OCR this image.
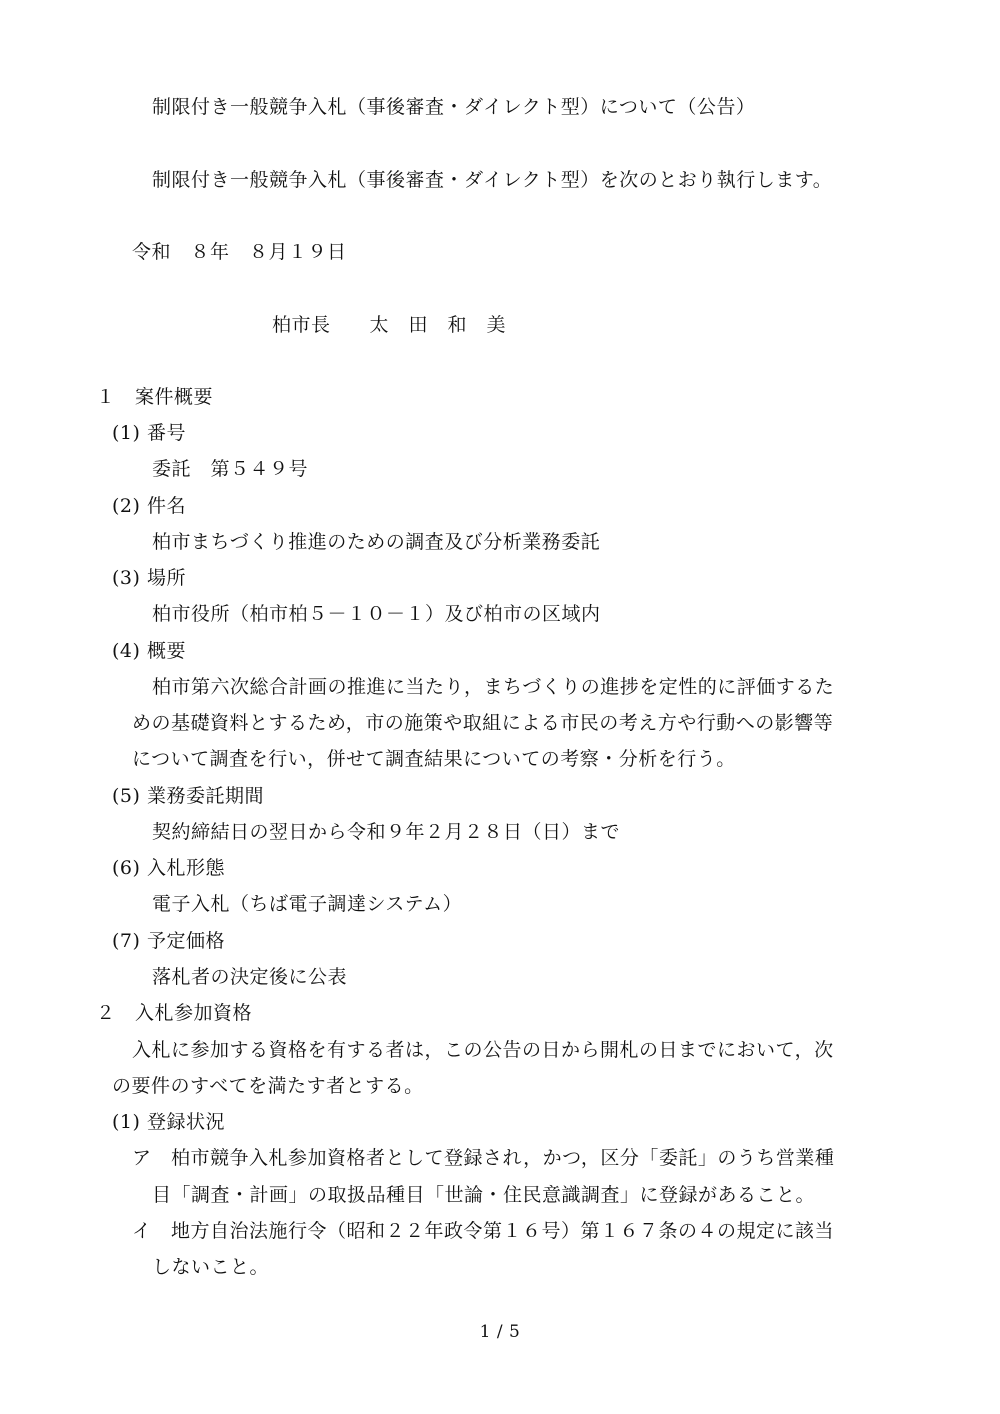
制限付き一般競争入札（事後審査・ダイレクト型）について（公告）
制限付き一般競争入札（事後審査・ダイレクト型）を次のとおり執行します。
令和　８年　８月１９日
柏市長　　太　田　和　美
１　案件概要
(1) 番号
委託　第５４９号
(2) 件名
柏市まちづくり推進のための調査及び分析業務委託
(3) 場所
柏市役所（柏市柏５－１０－１）及び柏市の区域内
(4) 概要
柏市第六次総合計画の推進に当たり，まちづくりの進捗を定性的に評価するた
めの基礎資料とするため，市の施策や取組による市民の考え方や行動への影響等
について調査を行い，併せて調査結果についての考察・分析を行う。
(5) 業務委託期間
契約締結日の翌日から令和９年２月２８日（日）まで
(6) 入札形態
電子入札（ちば電子調達システム）
(7) 予定価格
落札者の決定後に公表
２　入札参加資格
入札に参加する資格を有する者は，この公告の日から開札の日までにおいて，次
の要件のすべてを満たす者とする。
(1) 登録状況
ア　柏市競争入札参加資格者として登録され，かつ，区分「委託」のうち営業種
目「調査・計画」の取扱品種目「世論・住民意識調査」に登録があること。
イ　地方自治法施行令（昭和２２年政令第１６号）第１６７条の４の規定に該当
しないこと。
1 / 5
